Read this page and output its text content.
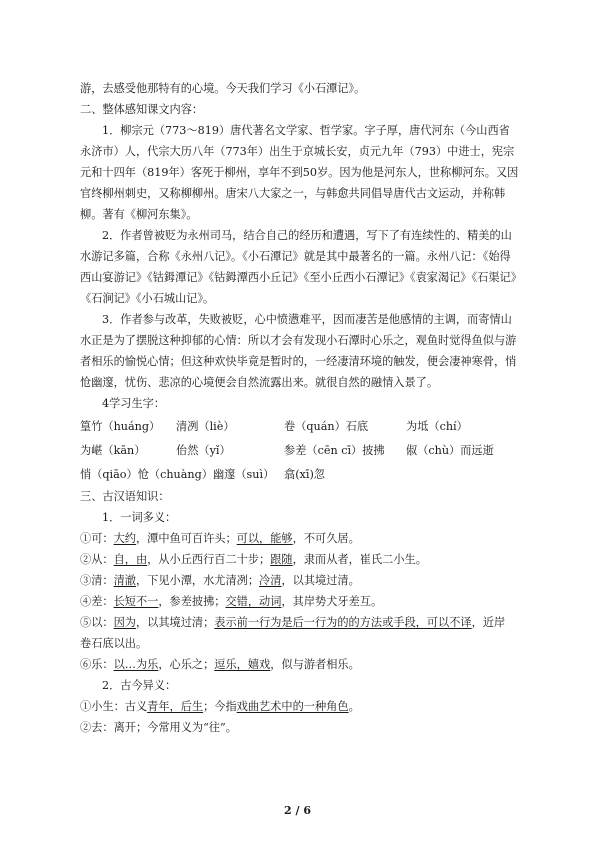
游，去感受他那特有的心境。今天我们学习《小石潭记》。

二、整体感知课文内容：

1．柳宗元（773～819）唐代著名文学家、哲学家。字子厚，唐代河东（今山西省永济市）人，代宗大历八年（773年）出生于京城长安，贞元九年（793）中进士，宪宗元和十四年（819年）客死于柳州，享年不到50岁。因为他是河东人，世称柳河东。又因官终柳州刺史，又称柳柳州。唐宋八大家之一，与韩愈共同倡导唐代古文运动，并称韩柳。著有《柳河东集》。

2．作者曾被贬为永州司马，结合自己的经历和遭遇，写下了有连续性的、精美的山水游记多篇，合称《永州八记》。《小石潭记》就是其中最著名的一篇。永州八记：《始得西山宴游记》《钴鉧潭记》《钴鉧潭西小丘记》《至小丘西小石潭记》《袁家渴记》《石渠记》《石涧记》《小石城山记》。

3．作者参与改革，失败被贬，心中愤懑难平，因而凄苦是他感情的主调，而寄情山水正是为了摆脱这种抑郁的心情：所以才会有发现小石潭时心乐之，观鱼时觉得鱼似与游者相乐的愉悦心情；但这种欢快毕竟是暂时的，一经凄清环境的触发，便会凄神寒骨，悄怆幽邃，忧伤、悲凉的心境便会自然流露出来。就很自然的融情入景了。

4学习生字：

篁竹（huáng）	清冽（liè）	卷（quán）石底	为坻（chí）
为嵁（kān）	佁然（yǐ）	参差（cēn cī）披拂	俶（chù）而远逝
悄（qiāo）怆（chuàng）幽邃（suì） 翕(xī)忽

三、古汉语知识：

1．一词多义：

①可：大约，潭中鱼可百许头；可以，能够，不可久居。

②从：自，由，从小丘西行百二十步；跟随，隶而从者，崔氏二小生。

③清：清澈，下见小潭，水尤清冽；冷清，以其境过清。

④差：长短不一，参差披拂；交错，动词，其岸势犬牙差互。

⑤以：因为，以其境过清；表示前一行为是后一行为的的方法或手段，可以不译，近岸
卷石底以出。

⑥乐：以…为乐，心乐之；逗乐，嬉戏，似与游者相乐。

2．古今异义：

①小生：古义青年，后生；今指戏曲艺术中的一种角色。

②去：离开；今常用义为“往”。

2 / 6
